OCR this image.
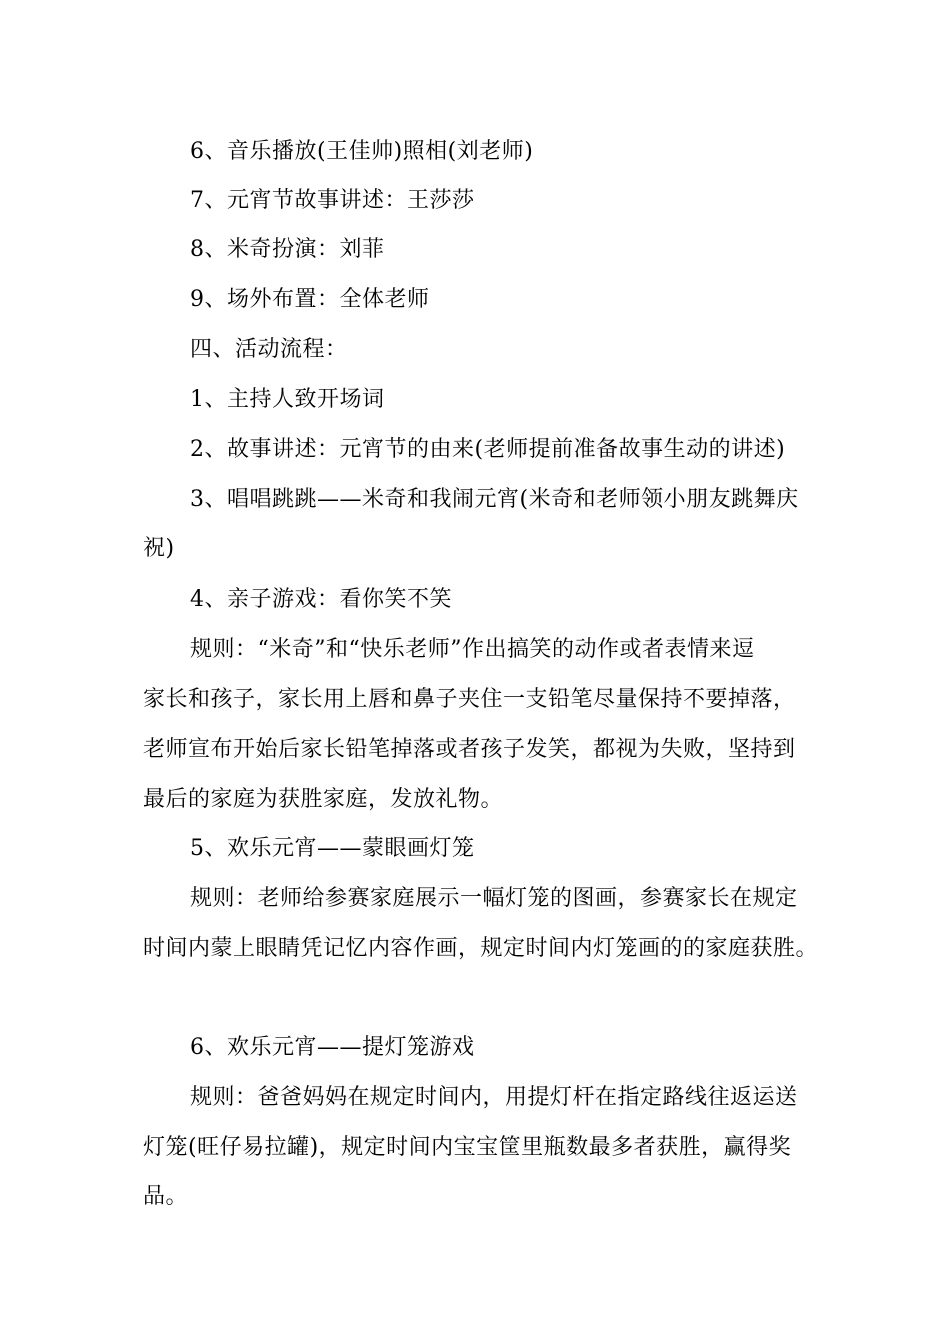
6、音乐播放(王佳帅)照相(刘老师)
7、元宵节故事讲述：王莎莎
8、米奇扮演：刘菲
9、场外布置：全体老师
四、活动流程：
1、主持人致开场词
2、故事讲述：元宵节的由来(老师提前准备故事生动的讲述)
3、唱唱跳跳——米奇和我闹元宵(米奇和老师领小朋友跳舞庆
祝)
4、亲子游戏：看你笑不笑
规则：“米奇”和“快乐老师”作出搞笑的动作或者表情来逗
家长和孩子，家长用上唇和鼻子夹住一支铅笔尽量保持不要掉落，
老师宣布开始后家长铅笔掉落或者孩子发笑，都视为失败，坚持到
最后的家庭为获胜家庭，发放礼物。
5、欢乐元宵——蒙眼画灯笼
规则：老师给参赛家庭展示一幅灯笼的图画，参赛家长在规定
时间内蒙上眼睛凭记忆内容作画，规定时间内灯笼画的的家庭获胜。
6、欢乐元宵——提灯笼游戏
规则：爸爸妈妈在规定时间内，用提灯杆在指定路线往返运送
灯笼(旺仔易拉罐)，规定时间内宝宝筐里瓶数最多者获胜，赢得奖
品。
